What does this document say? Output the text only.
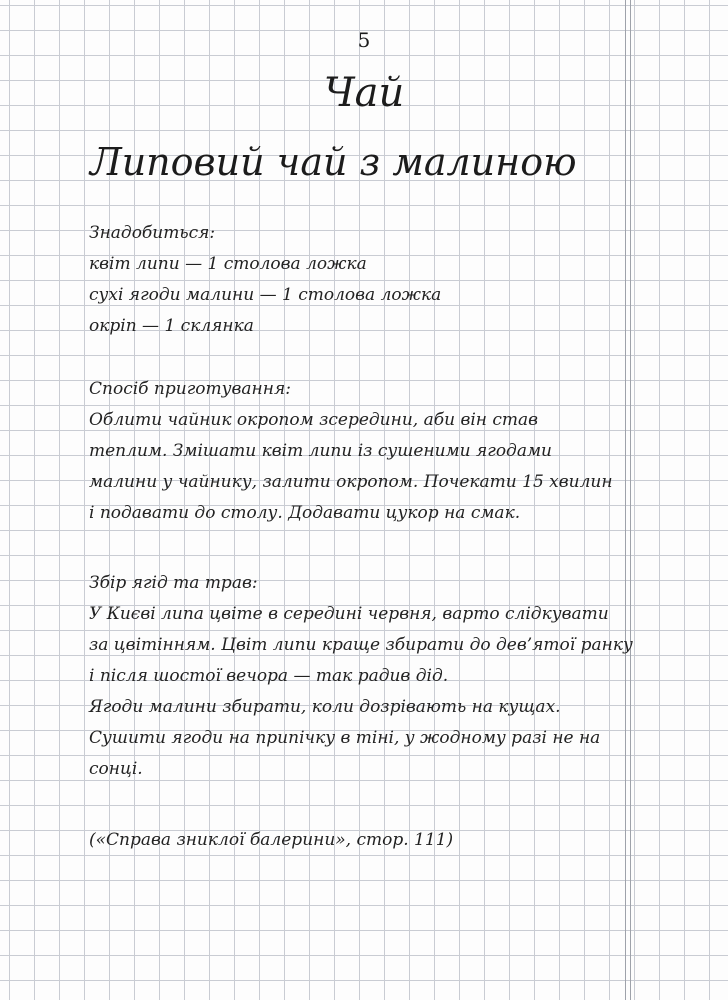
5
Чай
Липовий чай з малиною
Знадобиться:
квіт липи — 1 столова ложка
сухі ягоди малини — 1 столова ложка
окріп — 1 склянка
Спосіб приготування:
Облити чайник окропом зсередини, аби він став
теплим. Змішати квіт липи із сушеними ягодами
малини у чайнику, залити окропом. Почекати 15 хвилин
і подавати до столу. Додавати цукор на смак.
Збір ягід та трав:
У Києві липа цвіте в середині червня, варто слідкувати
за цвітінням. Цвіт липи краще збирати до дев’ятої ранку
і після шостої вечора — так радив дід.
Ягоди малини збирати, коли дозрівають на кущах.
Сушити ягоди на припічку в тіні, у жодному разі не на
сонці.
(«Справа зниклої балерини», стор. 111)
